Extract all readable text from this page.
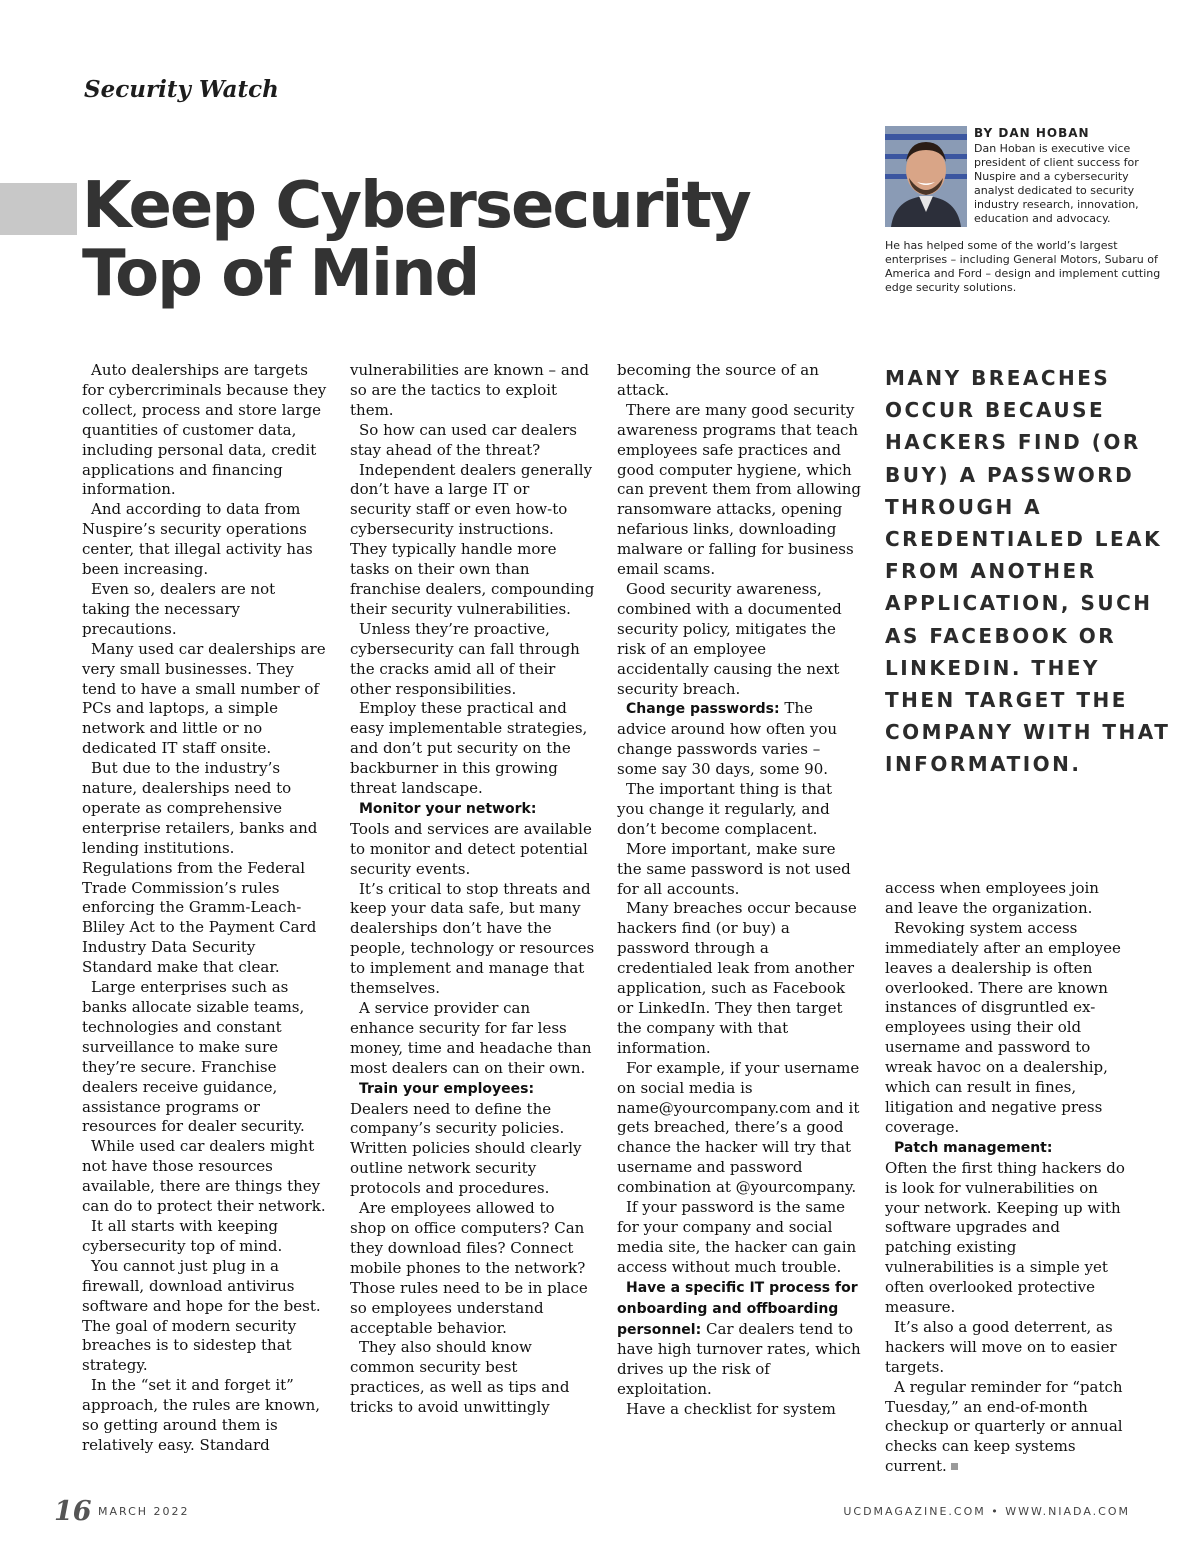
Security Watch
Keep Cybersecurity
Top of Mind
BY DAN HOBAN

Dan Hoban is executive vice president of client success for Nuspire and a cybersecurity analyst dedicated to security industry research, innovation, education and advocacy.

He has helped some of the world’s largest enterprises – including General Motors, Subaru of America and Ford – design and implement cutting edge security solutions.

Auto dealerships are targets for cybercriminals because they collect, process and store large quantities of customer data, including personal data, credit applications and financing information.

And according to data from Nuspire’s security operations center, that illegal activity has been increasing.

Even so, dealers are not taking the necessary precautions.

Many used car dealerships are very small businesses. They tend to have a small number of PCs and laptops, a simple network and little or no dedicated IT staff onsite.

But due to the industry’s nature, dealerships need to operate as comprehensive enterprise retailers, banks and lending institutions. Regulations from the Federal Trade Commission’s rules enforcing the Gramm-Leach-Bliley Act to the Payment Card Industry Data Security Standard make that clear.

Large enterprises such as banks allocate sizable teams, technologies and constant surveillance to make sure they’re secure. Franchise dealers receive guidance, assistance programs or resources for dealer security.

While used car dealers might not have those resources available, there are things they can do to protect their network.

It all starts with keeping cybersecurity top of mind.

You cannot just plug in a firewall, download antivirus software and hope for the best. The goal of modern security breaches is to sidestep that strategy.

In the “set it and forget it” approach, the rules are known, so getting around them is relatively easy. Standard

vulnerabilities are known – and so are the tactics to exploit them.

So how can used car dealers stay ahead of the threat?

Independent dealers generally don’t have a large IT or security staff or even how-to cybersecurity instructions. They typically handle more tasks on their own than franchise dealers, compounding their security vulnerabilities.

Unless they’re proactive, cybersecurity can fall through the cracks amid all of their other responsibilities.

Employ these practical and easy implementable strategies, and don’t put security on the backburner in this growing threat landscape.

Monitor your network:

Tools and services are available to monitor and detect potential security events.

It’s critical to stop threats and keep your data safe, but many dealerships don’t have the people, technology or resources to implement and manage that themselves.

A service provider can enhance security for far less money, time and headache than most dealers can on their own.

Train your employees:

Dealers need to define the company’s security policies. Written policies should clearly outline network security protocols and procedures.

Are employees allowed to shop on office computers? Can they download files? Connect mobile phones to the network? Those rules need to be in place so employees understand acceptable behavior.

They also should know common security best practices, as well as tips and tricks to avoid unwittingly

becoming the source of an attack.

There are many good security awareness programs that teach employees safe practices and good computer hygiene, which can prevent them from allowing ransomware attacks, opening nefarious links, downloading malware or falling for business email scams.

Good security awareness, combined with a documented security policy, mitigates the risk of an employee accidentally causing the next security breach.

Change passwords: The advice around how often you change passwords varies – some say 30 days, some 90.

The important thing is that you change it regularly, and don’t become complacent.

More important, make sure the same password is not used for all accounts.

Many breaches occur because hackers find (or buy) a password through a credentialed leak from another application, such as Facebook or LinkedIn. They then target the company with that information.

For example, if your username on social media is name@yourcompany.com and it gets breached, there’s a good chance the hacker will try that username and password combination at @yourcompany.

If your password is the same for your company and social media site, the hacker can gain access without much trouble.

Have a specific IT process for onboarding and offboarding personnel: Car dealers tend to have high turnover rates, which drives up the risk of exploitation.

Have a checklist for system

MANY BREACHES OCCUR BECAUSE HACKERS FIND (OR BUY) A PASSWORD THROUGH A CREDENTIALED LEAK FROM ANOTHER APPLICATION, SUCH AS FACEBOOK OR LINKEDIN. THEY THEN TARGET THE COMPANY WITH THAT INFORMATION.

access when employees join and leave the organization.

Revoking system access immediately after an employee leaves a dealership is often overlooked. There are known instances of disgruntled ex-employees using their old username and password to wreak havoc on a dealership, which can result in fines, litigation and negative press coverage.

Patch management:

Often the first thing hackers do is look for vulnerabilities on your network. Keeping up with software upgrades and patching existing vulnerabilities is a simple yet often overlooked protective measure.

It’s also a good deterrent, as hackers will move on to easier targets.

A regular reminder for “patch Tuesday,” an end-of-month checkup or quarterly or annual checks can keep systems current.

16 MARCH 2022	UCDMAGAZINE.COM • WWW.NIADA.COM
